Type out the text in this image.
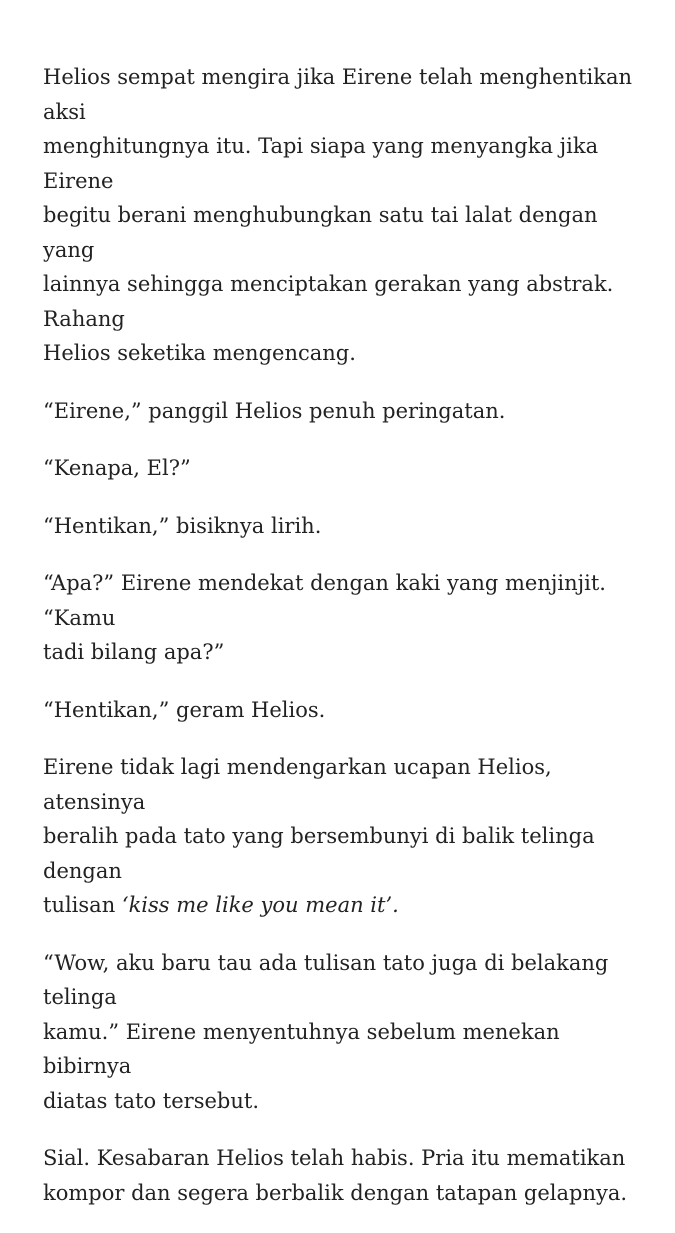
Helios sempat mengira jika Eirene telah menghentikan aksi
menghitungnya itu. Tapi siapa yang menyangka jika Eirene
begitu berani menghubungkan satu tai lalat dengan yang
lainnya sehingga menciptakan gerakan yang abstrak. Rahang
Helios seketika mengencang.

“Eirene,” panggil Helios penuh peringatan.

“Kenapa, El?”

“Hentikan,” bisiknya lirih.

“Apa?” Eirene mendekat dengan kaki yang menjinjit. “Kamu
tadi bilang apa?”

“Hentikan,” geram Helios.

Eirene tidak lagi mendengarkan ucapan Helios, atensinya
beralih pada tato yang bersembunyi di balik telinga dengan
tulisan ‘kiss me like you mean it’.

“Wow, aku baru tau ada tulisan tato juga di belakang telinga
kamu.” Eirene menyentuhnya sebelum menekan bibirnya
diatas tato tersebut.

Sial. Kesabaran Helios telah habis. Pria itu mematikan
kompor dan segera berbalik dengan tatapan gelapnya.
